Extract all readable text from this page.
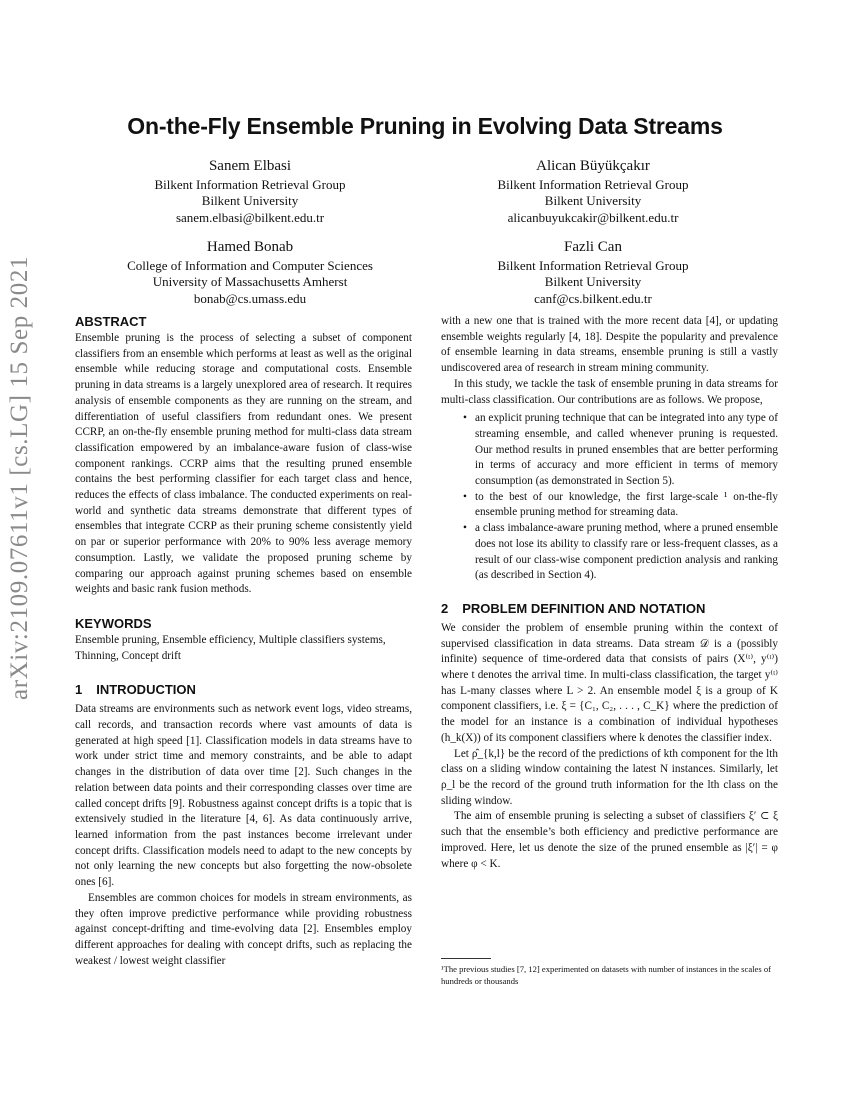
On-the-Fly Ensemble Pruning in Evolving Data Streams
Sanem Elbasi
Bilkent Information Retrieval Group
Bilkent University
sanem.elbasi@bilkent.edu.tr
Alican Büyükçakır
Bilkent Information Retrieval Group
Bilkent University
alicanbuyukcakir@bilkent.edu.tr
Hamed Bonab
College of Information and Computer Sciences
University of Massachusetts Amherst
bonab@cs.umass.edu
Fazli Can
Bilkent Information Retrieval Group
Bilkent University
canf@cs.bilkent.edu.tr
arXiv:2109.07611v1 [cs.LG] 15 Sep 2021	ABSTRACT

Ensemble pruning is the process of selecting a subset of component classifiers from an ensemble which performs at least as well as the original ensemble while reducing storage and computational costs. Ensemble pruning in data streams is a largely unexplored area of research. It requires analysis of ensemble components as they are running on the stream, and differentiation of useful classifiers from redundant ones. We present CCRP, an on-the-fly ensemble pruning method for multi-class data stream classification empowered by an imbalance-aware fusion of class-wise component rankings. CCRP aims that the resulting pruned ensemble contains the best performing classifier for each target class and hence, reduces the effects of class imbalance. The conducted experiments on real-world and synthetic data streams demonstrate that different types of ensembles that integrate CCRP as their pruning scheme consistently yield on par or superior performance with 20% to 90% less average memory consumption. Lastly, we validate the proposed pruning scheme by comparing our approach against pruning schemes based on ensemble weights and basic rank fusion methods.

KEYWORDS

Ensemble pruning, Ensemble efficiency, Multiple classifiers systems, Thinning, Concept drift

1 INTRODUCTION

Data streams are environments such as network event logs, video streams, call records, and transaction records where vast amounts of data is generated at high speed [1]. Classification models in data streams have to work under strict time and memory constraints, and be able to adapt changes in the distribution of data over time [2]. Such changes in the relation between data points and their corresponding classes over time are called concept drifts [9]. Robustness against concept drifts is a topic that is extensively studied in the literature [4, 6]. As data continuously arrive, learned information from the past instances become irrelevant under concept drifts. Classification models need to adapt to the new concepts by not only learning the new concepts but also forgetting the now-obsolete ones [6].

Ensembles are common choices for models in stream environments, as they often improve predictive performance while providing robustness against concept-drifting and time-evolving data [2]. Ensembles employ different approaches for dealing with concept drifts, such as replacing the weakest / lowest weight classifier

with a new one that is trained with the more recent data [4], or updating ensemble weights regularly [4, 18]. Despite the popularity and prevalence of ensemble learning in data streams, ensemble pruning is still a vastly undiscovered area of research in stream mining community.

In this study, we tackle the task of ensemble pruning in data streams for multi-class classification. Our contributions are as follows. We propose,

• an explicit pruning technique that can be integrated into any type of streaming ensemble, and called whenever pruning is requested. Our method results in pruned ensembles that are better performing in terms of accuracy and more efficient in terms of memory consumption (as demonstrated in Section 5).
• to the best of our knowledge, the first large-scale ¹ on-the-fly ensemble pruning method for streaming data.
• a class imbalance-aware pruning method, where a pruned ensemble does not lose its ability to classify rare or less-frequent classes, as a result of our class-wise component prediction analysis and ranking (as described in Section 4).
2 PROBLEM DEFINITION AND NOTATION

We consider the problem of ensemble pruning within the context of supervised classification in data streams. Data stream 𝒟 is a (possibly infinite) sequence of time-ordered data that consists of pairs (X⁽ᵗ⁾, y⁽ᵗ⁾) where t denotes the arrival time. In multi-class classification, the target y⁽ᵗ⁾ has L-many classes where L > 2. An ensemble model ξ is a group of K component classifiers, i.e. ξ = {C₁, C₂, . . . , C_K} where the prediction of the model for an instance is a combination of individual hypotheses (h_k(X)) of its component classifiers where k denotes the classifier index.

Let ρ̂_{k,l} be the record of the predictions of kth component for the lth class on a sliding window containing the latest N instances. Similarly, let ρ_l be the record of the ground truth information for the lth class on the sliding window.

The aim of ensemble pruning is selecting a subset of classifiers ξ′ ⊂ ξ such that the ensemble’s both efficiency and predictive performance are improved. Here, let us denote the size of the pruned ensemble as |ξ′| = φ where φ < K.

¹The previous studies [7, 12] experimented on datasets with number of instances in the scales of hundreds or thousands
